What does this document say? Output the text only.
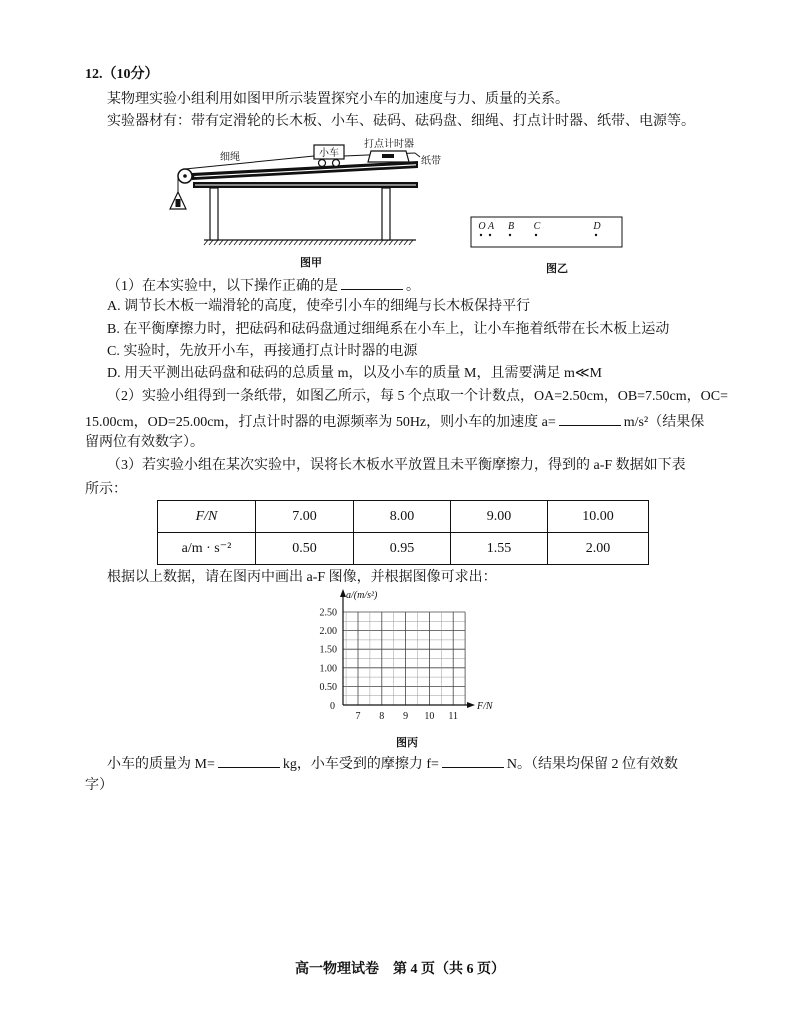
12.（10分）
某物理实验小组利用如图甲所示装置探究小车的加速度与力、质量的关系。
实验器材有：带有定滑轮的长木板、小车、砝码、砝码盘、细绳、打点计时器、纸带、电源等。
小车
打点计时器
细绳	纸带
图甲
O A B C	D
图乙
（1）在本实验中，以下操作正确的是	。
A. 调节长木板一端滑轮的高度，使牵引小车的细绳与长木板保持平行
B. 在平衡摩擦力时，把砝码和砝码盘通过细绳系在小车上，让小车拖着纸带在长木板上运动
C. 实验时，先放开小车，再接通打点计时器的电源
D. 用天平测出砝码盘和砝码的总质量 m，以及小车的质量 M，且需要满足 m≪M
（2）实验小组得到一条纸带，如图乙所示，每 5 个点取一个计数点，OA=2.50cm，OB=7.50cm，OC=
15.00cm，OD=25.00cm，打点计时器的电源频率为 50Hz，则小车的加速度 a=	m/s²（结果保
留两位有效数字）。
（3）若实验小组在某次实验中，误将长木板水平放置且未平衡摩擦力，得到的 a-F 数据如下表
所示：
F/N	7.00	8.00	9.00	10.00
a/m · s⁻²	0.50	0.95	1.55	2.00
根据以上数据，请在图丙中画出 a-F 图像，并根据图像可求出：
a/(m/s²)
F/N
2.50
2.00
1.50
1.00
0.50
0
7 8 9 10 11
图丙
小车的质量为 M=	kg，小车受到的摩擦力 f=	N。（结果均保留 2 位有效数
字）
高一物理试卷　第 4 页（共 6 页）
